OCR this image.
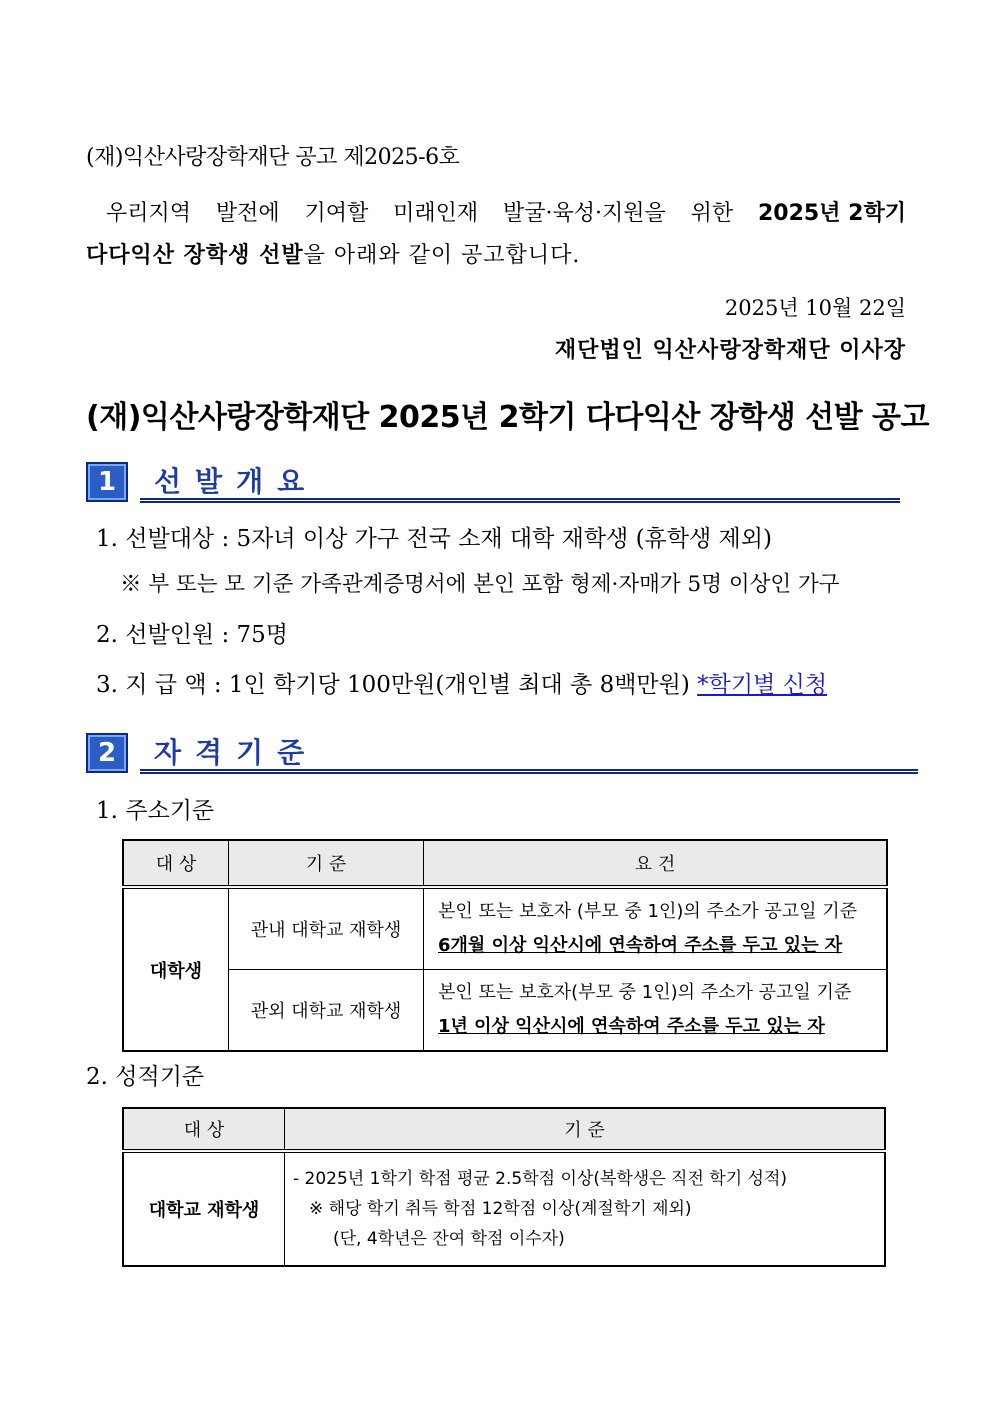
(재)익산사랑장학재단 공고 제2025-6호
우리지역 발전에 기여할 미래인재 발굴·육성·지원을 위한 2025년 2학기
다다익산 장학생 선발을 아래와 같이 공고합니다.
2025년 10월 22일
재단법인 익산사랑장학재단 이사장
(재)익산사랑장학재단 2025년 2학기 다다익산 장학생 선발 공고
1	선발개요
1. 선발대상 : 5자녀 이상 가구 전국 소재 대학 재학생 (휴학생 제외)
※ 부 또는 모 기준 가족관계증명서에 본인 포함 형제·자매가 5명 이상인 가구
2. 선발인원 : 75명
3. 지 급 액 : 1인 학기당 100만원(개인별 최대 총 8백만원) *학기별 신청
2	자격기준
1. 주소기준
대 상	기 준	요 건
대학생	관내 대학교 재학생	본인 또는 보호자 (부모 중 1인)의 주소가 공고일 기준
6개월 이상 익산시에 연속하여 주소를 두고 있는 자

	관외 대학교 재학생	본인 또는 보호자(부모 중 1인)의 주소가 공고일 기준
1년 이상 익산시에 연속하여 주소를 두고 있는 자
2. 성적기준
대 상	기 준
대학교 재학생	- 2025년 1학기 학점 평균 2.5학점 이상(복학생은 직전 학기 성적)
※ 해당 학기 취득 학점 12학점 이상(계절학기 제외)
(단, 4학년은 잔여 학점 이수자)
